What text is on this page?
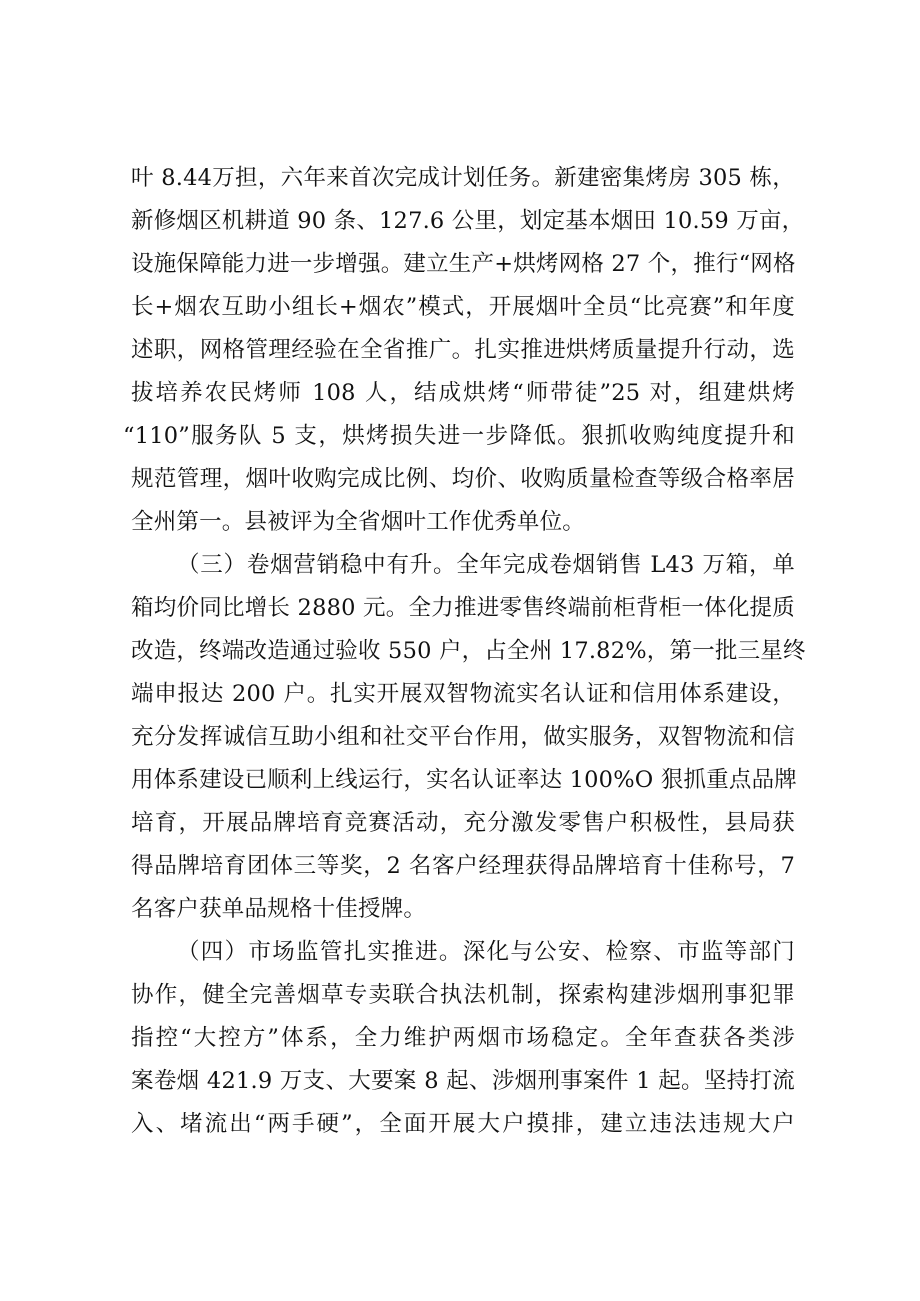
叶 8.44万担，六年来首次完成计划任务。新建密集烤房 305 栋，
新修烟区机耕道 90 条、127.6 公里，划定基本烟田 10.59 万亩，
设施保障能力进一步增强。建立生产+烘烤网格 27 个，推行“网格
长+烟农互助小组长+烟农”模式，开展烟叶全员“比亮赛”和年度
述职，网格管理经验在全省推广。扎实推进烘烤质量提升行动，选
拔培养农民烤师 108 人，结成烘烤“师带徒”25 对，组建烘烤
“110”服务队 5 支，烘烤损失进一步降低。狠抓收购纯度提升和
规范管理，烟叶收购完成比例、均价、收购质量检查等级合格率居
全州第一。县被评为全省烟叶工作优秀单位。
（三）卷烟营销稳中有升。全年完成卷烟销售 L43 万箱，单
箱均价同比增长 2880 元。全力推进零售终端前柜背柜一体化提质
改造，终端改造通过验收 550 户，占全州 17.82%，第一批三星终
端申报达 200 户。扎实开展双智物流实名认证和信用体系建设，
充分发挥诚信互助小组和社交平台作用，做实服务，双智物流和信
用体系建设已顺利上线运行，实名认证率达 100%O 狠抓重点品牌
培育，开展品牌培育竞赛活动，充分激发零售户积极性，县局获
得品牌培育团体三等奖，2 名客户经理获得品牌培育十佳称号，7
名客户获单品规格十佳授牌。
（四）市场监管扎实推进。深化与公安、检察、市监等部门
协作，健全完善烟草专卖联合执法机制，探索构建涉烟刑事犯罪
指控“大控方”体系，全力维护两烟市场稳定。全年查获各类涉
案卷烟 421.9 万支、大要案 8 起、涉烟刑事案件 1 起。坚持打流
入、堵流出“两手硬”，全面开展大户摸排，建立违法违规大户
